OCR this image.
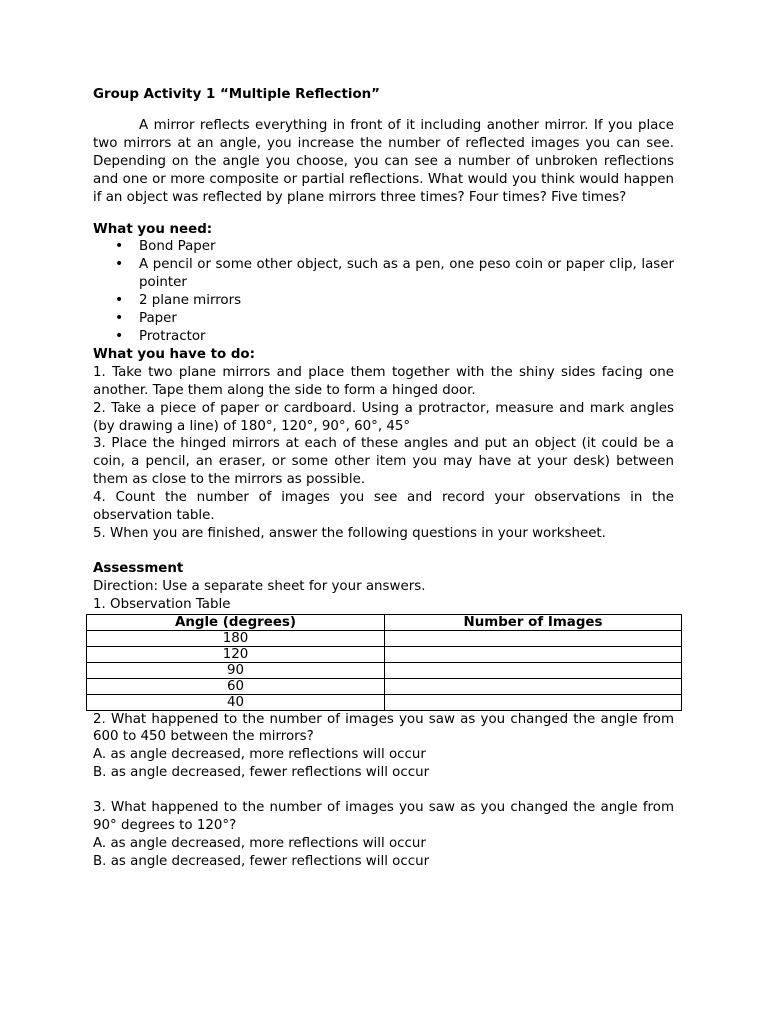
Group Activity 1 “Multiple Reflection”

A mirror reflects everything in front of it including another mirror. If you place two mirrors at an angle, you increase the number of reflected images you can see. Depending on the angle you choose, you can see a number of unbroken reflections and one or more composite or partial reflections. What would you think would happen if an object was reflected by plane mirrors three times? Four times? Five times?

What you need:

• Bond Paper
• A pencil or some other object, such as a pen, one peso coin or paper clip, laser pointer
• 2 plane mirrors
• Paper
• Protractor

What you have to do:

1. Take two plane mirrors and place them together with the shiny sides facing one another. Tape them along the side to form a hinged door.

2. Take a piece of paper or cardboard. Using a protractor, measure and mark angles (by drawing a line) of 180°, 120°, 90°, 60°, 45°

3. Place the hinged mirrors at each of these angles and put an object (it could be a coin, a pencil, an eraser, or some other item you may have at your desk) between them as close to the mirrors as possible.

4. Count the number of images you see and record your observations in the observation table.

5. When you are finished, answer the following questions in your worksheet.

Assessment

Direction: Use a separate sheet for your answers.

1. Observation Table

Angle (degrees)	Number of Images
180	
120	
90	
60	
40	

2. What happened to the number of images you saw as you changed the angle from 600 to 450 between the mirrors?

A. as angle decreased, more reflections will occur

B. as angle decreased, fewer reflections will occur

3. What happened to the number of images you saw as you changed the angle from 90° degrees to 120°?

A. as angle decreased, more reflections will occur

B. as angle decreased, fewer reflections will occur
